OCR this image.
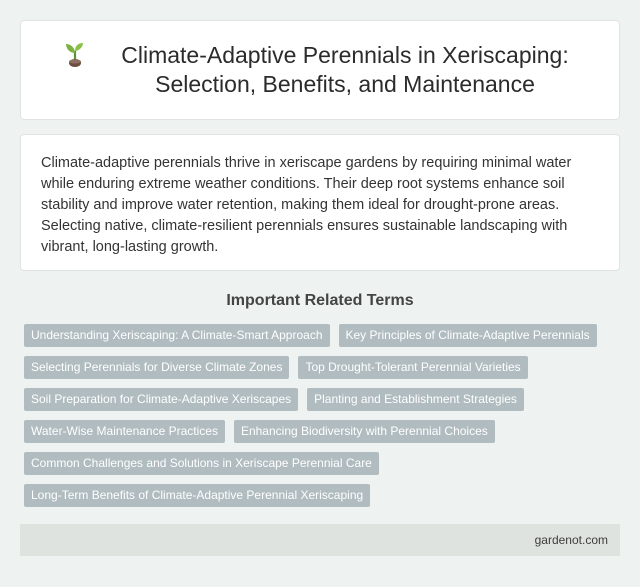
Climate-Adaptive Perennials in Xeriscaping: Selection, Benefits, and Maintenance

Climate-adaptive perennials thrive in xeriscape gardens by requiring minimal water while enduring extreme weather conditions. Their deep root systems enhance soil stability and improve water retention, making them ideal for drought-prone areas. Selecting native, climate-resilient perennials ensures sustainable landscaping with vibrant, long-lasting growth.

Important Related Terms
Understanding Xeriscaping: A Climate-Smart Approach	Key Principles of Climate-Adaptive Perennials
Selecting Perennials for Diverse Climate Zones	Top Drought-Tolerant Perennial Varieties
Soil Preparation for Climate-Adaptive Xeriscapes	Planting and Establishment Strategies
Water-Wise Maintenance Practices	Enhancing Biodiversity with Perennial Choices
Common Challenges and Solutions in Xeriscape Perennial Care
Long-Term Benefits of Climate-Adaptive Perennial Xeriscaping
gardenot.com
